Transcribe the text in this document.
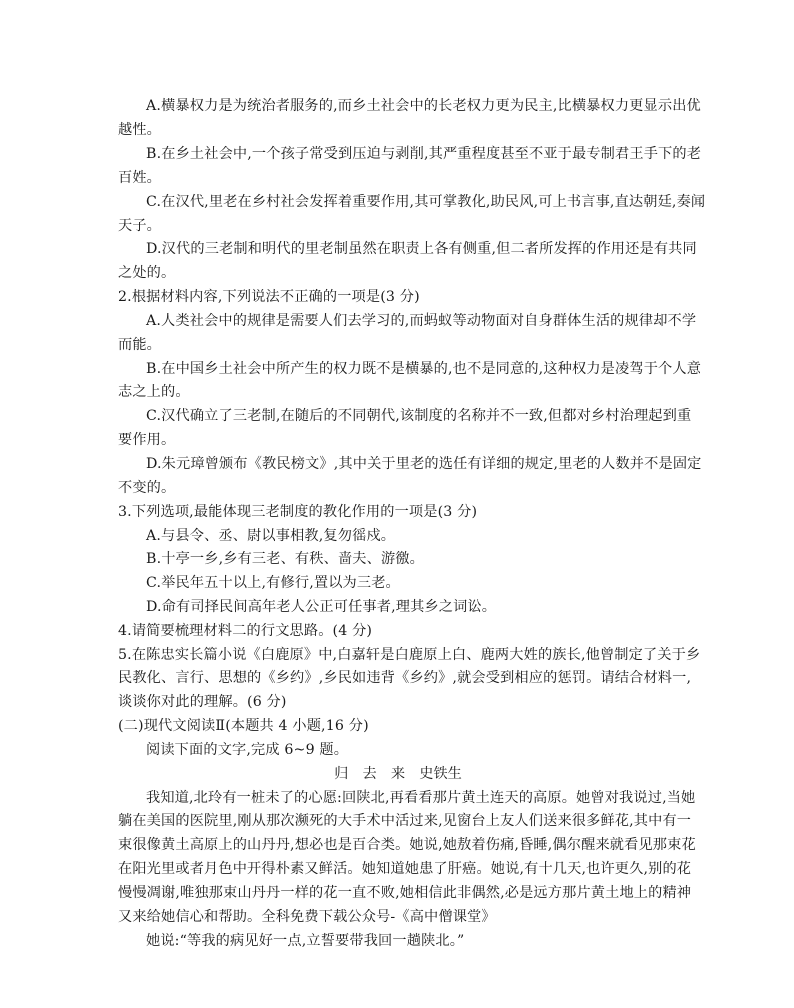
A.横暴权力是为统治者服务的,而乡土社会中的长老权力更为民主,比横暴权力更显示出优
越性。
B.在乡土社会中,一个孩子常受到压迫与剥削,其严重程度甚至不亚于最专制君王手下的老
百姓。
C.在汉代,里老在乡村社会发挥着重要作用,其可掌教化,助民风,可上书言事,直达朝廷,奏闻
天子。
D.汉代的三老制和明代的里老制虽然在职责上各有侧重,但二者所发挥的作用还是有共同
之处的。
2.根据材料内容,下列说法不正确的一项是(3 分)
A.人类社会中的规律是需要人们去学习的,而蚂蚁等动物面对自身群体生活的规律却不学
而能。
B.在中国乡土社会中所产生的权力既不是横暴的,也不是同意的,这种权力是凌驾于个人意
志之上的。
C.汉代确立了三老制,在随后的不同朝代,该制度的名称并不一致,但都对乡村治理起到重
要作用。
D.朱元璋曾颁布《教民榜文》,其中关于里老的选任有详细的规定,里老的人数并不是固定
不变的。
3.下列选项,最能体现三老制度的教化作用的一项是(3 分)
A.与县令、丞、尉以事相教,复勿徭戍。
B.十亭一乡,乡有三老、有秩、啬夫、游徼。
C.举民年五十以上,有修行,置以为三老。
D.命有司择民间高年老人公正可任事者,理其乡之词讼。
4.请简要梳理材料二的行文思路。(4 分)
5.在陈忠实长篇小说《白鹿原》中,白嘉轩是白鹿原上白、鹿两大姓的族长,他曾制定了关于乡
民教化、言行、思想的《乡约》,乡民如违背《乡约》,就会受到相应的惩罚。请结合材料一,
谈谈你对此的理解。(6 分)
(二)现代文阅读Ⅱ(本题共 4 小题,16 分)
阅读下面的文字,完成 6~9 题。
归　去　来　史铁生
我知道,北玲有一桩未了的心愿:回陕北,再看看那片黄土连天的高原。她曾对我说过,当她
躺在美国的医院里,刚从那次濒死的大手术中活过来,见窗台上友人们送来很多鲜花,其中有一
束很像黄土高原上的山丹丹,想必也是百合类。她说,她敖着伤痛,昏睡,偶尔醒来就看见那束花
在阳光里或者月色中开得朴素又鲜活。她知道她患了肝癌。她说,有十几天,也许更久,别的花
慢慢凋谢,唯独那束山丹丹一样的花一直不败,她相信此非偶然,必是远方那片黄土地上的精神
又来给她信心和帮助。全科免费下载公众号-《高中僧课堂》
她说:“等我的病见好一点,立誓要带我回一趟陕北。”
